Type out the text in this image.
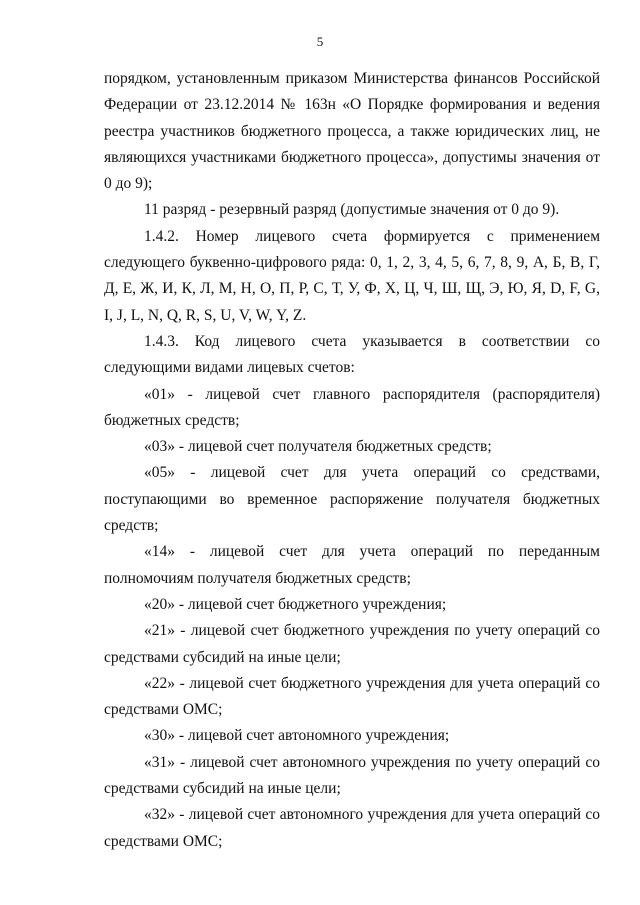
5

порядком, установленным приказом Министерства финансов Российской Федерации от 23.12.2014 № 163н «О Порядке формирования и ведения реестра участников бюджетного процесса, а также юридических лиц, не являющихся участниками бюджетного процесса», допустимы значения от 0 до 9);

11 разряд - резервный разряд (допустимые значения от 0 до 9).

1.4.2. Номер лицевого счета формируется с применением следующего буквенно-цифрового ряда: 0, 1, 2, 3, 4, 5, 6, 7, 8, 9, А, Б, В, Г, Д, Е, Ж, И, К, Л, М, Н, О, П, Р, С, Т, У, Ф, Х, Ц, Ч, Ш, Щ, Э, Ю, Я, D, F, G, I, J, L, N, Q, R, S, U, V, W, Y, Z.

1.4.3. Код лицевого счета указывается в соответствии со следующими видами лицевых счетов:

«01» - лицевой счет главного распорядителя (распорядителя) бюджетных средств;

«03» - лицевой счет получателя бюджетных средств;

«05» - лицевой счет для учета операций со средствами, поступающими во временное распоряжение получателя бюджетных средств;

«14» - лицевой счет для учета операций по переданным полномочиям получателя бюджетных средств;

«20» - лицевой счет бюджетного учреждения;

«21» - лицевой счет бюджетного учреждения по учету операций со средствами субсидий на иные цели;

«22» - лицевой счет бюджетного учреждения для учета операций со средствами ОМС;

«30» - лицевой счет автономного учреждения;

«31» - лицевой счет автономного учреждения по учету операций со средствами субсидий на иные цели;

«32» - лицевой счет автономного учреждения для учета операций со средствами ОМС;
